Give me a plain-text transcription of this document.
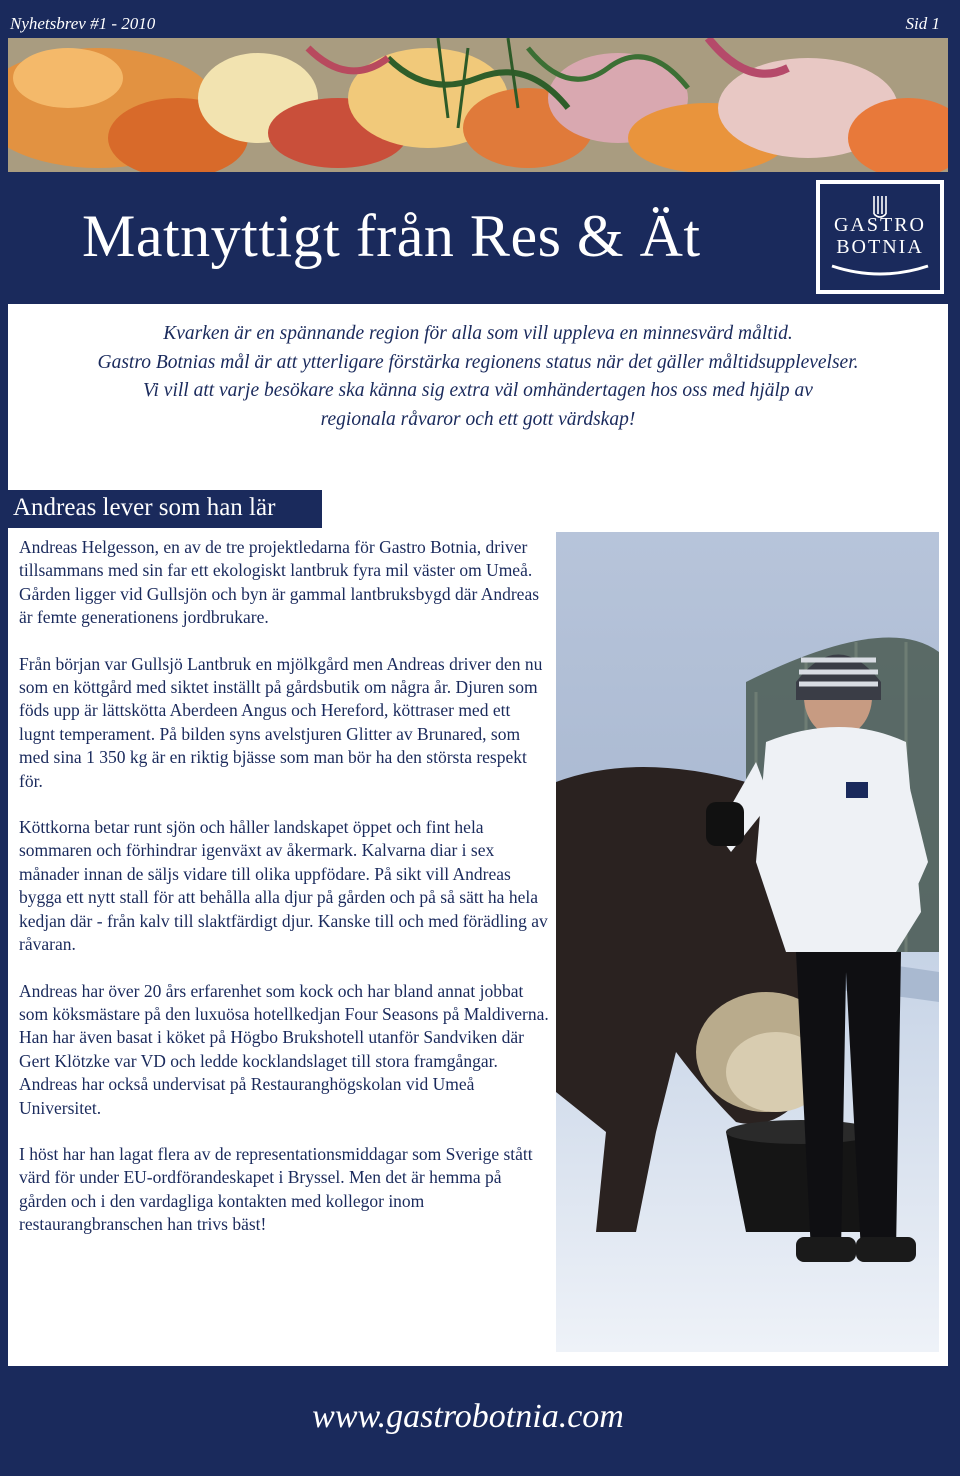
Nyhetsbrev #1 - 2010	Sid 1
Matnyttigt från Res & Ät	GASTRO
BOTNIA

Kvarken är en spännande region för alla som vill uppleva en minnesvärd måltid.

Gastro Botnias mål är att ytterligare förstärka regionens status när det gäller måltidsupplevelser.

Vi vill att varje besökare ska känna sig extra väl omhändertagen hos oss med hjälp av

regionala råvaror och ett gott värdskap!

Andreas lever som han lär

Andreas Helgesson, en av de tre projektledarna för Gastro Botnia, driver tillsammans med sin far ett ekologiskt lantbruk fyra mil väster om Umeå. Gården ligger vid Gullsjön och byn är gammal lantbruksbygd där Andreas är femte generationens jordbrukare.

Från början var Gullsjö Lantbruk en mjölkgård men Andreas driver den nu som en köttgård med siktet inställt på gårdsbutik om några år. Djuren som föds upp är lättskötta Aberdeen Angus och Hereford, köttraser med ett lugnt temperament. På bilden syns avelstjuren Glitter av Brunared, som med sina 1 350 kg är en riktig bjässe som man bör ha den största respekt för.

Köttkorna betar runt sjön och håller landskapet öppet och fint hela sommaren och förhindrar igenväxt av åkermark. Kalvarna diar i sex månader innan de säljs vidare till olika uppfödare. På sikt vill Andreas bygga ett nytt stall för att behålla alla djur på gården och på så sätt ha hela kedjan där - från kalv till slaktfärdigt djur. Kanske till och med förädling av råvaran.

Andreas har över 20 års erfarenhet som kock och har bland annat jobbat som köksmästare på den luxuösa hotellkedjan Four Seasons på Maldiverna. Han har även basat i köket på Högbo Brukshotell utanför Sandviken där Gert Klötzke var VD och ledde kocklandslaget till stora framgångar. Andreas har också undervisat på Restauranghögskolan vid Umeå Universitet.

I höst har han lagat flera av de representationsmiddagar som Sverige stått värd för under EU-ordförandeskapet i Bryssel. Men det är hemma på gården och i den vardagliga kontakten med kollegor inom restaurangbranschen han trivs bäst!

www.gastrobotnia.com
